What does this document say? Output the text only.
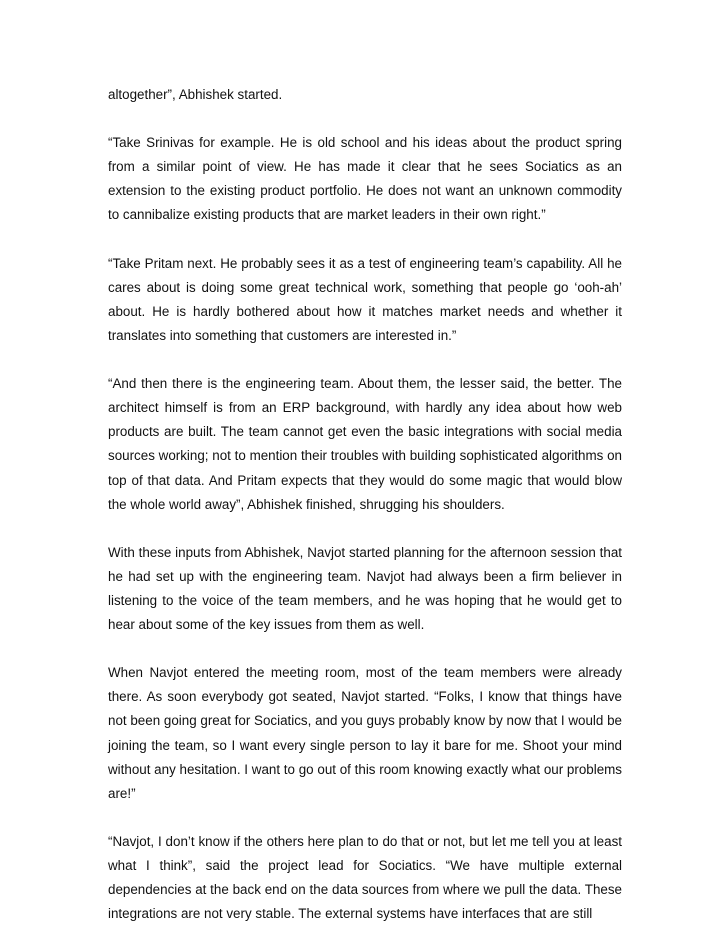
altogether”, Abhishek started.

“Take Srinivas for example. He is old school and his ideas about the product spring from a similar point of view. He has made it clear that he sees Sociatics as an extension to the existing product portfolio. He does not want an unknown commodity to cannibalize existing products that are market leaders in their own right.”

“Take Pritam next. He probably sees it as a test of engineering team’s capability. All he cares about is doing some great technical work, something that people go ‘ooh-ah’ about. He is hardly bothered about how it matches market needs and whether it translates into something that customers are interested in.”

“And then there is the engineering team. About them, the lesser said, the better. The architect himself is from an ERP background, with hardly any idea about how web products are built. The team cannot get even the basic integrations with social media sources working; not to mention their troubles with building sophisticated algorithms on top of that data. And Pritam expects that they would do some magic that would blow the whole world away”, Abhishek finished, shrugging his shoulders.

With these inputs from Abhishek, Navjot started planning for the afternoon session that he had set up with the engineering team. Navjot had always been a firm believer in listening to the voice of the team members, and he was hoping that he would get to hear about some of the key issues from them as well.

When Navjot entered the meeting room, most of the team members were already there. As soon everybody got seated, Navjot started. “Folks, I know that things have not been going great for Sociatics, and you guys probably know by now that I would be joining the team, so I want every single person to lay it bare for me. Shoot your mind without any hesitation. I want to go out of this room knowing exactly what our problems are!”

“Navjot, I don’t know if the others here plan to do that or not, but let me tell you at least what I think”, said the project lead for Sociatics. “We have multiple external dependencies at the back end on the data sources from where we pull the data. These integrations are not very stable. The external systems have interfaces that are still
